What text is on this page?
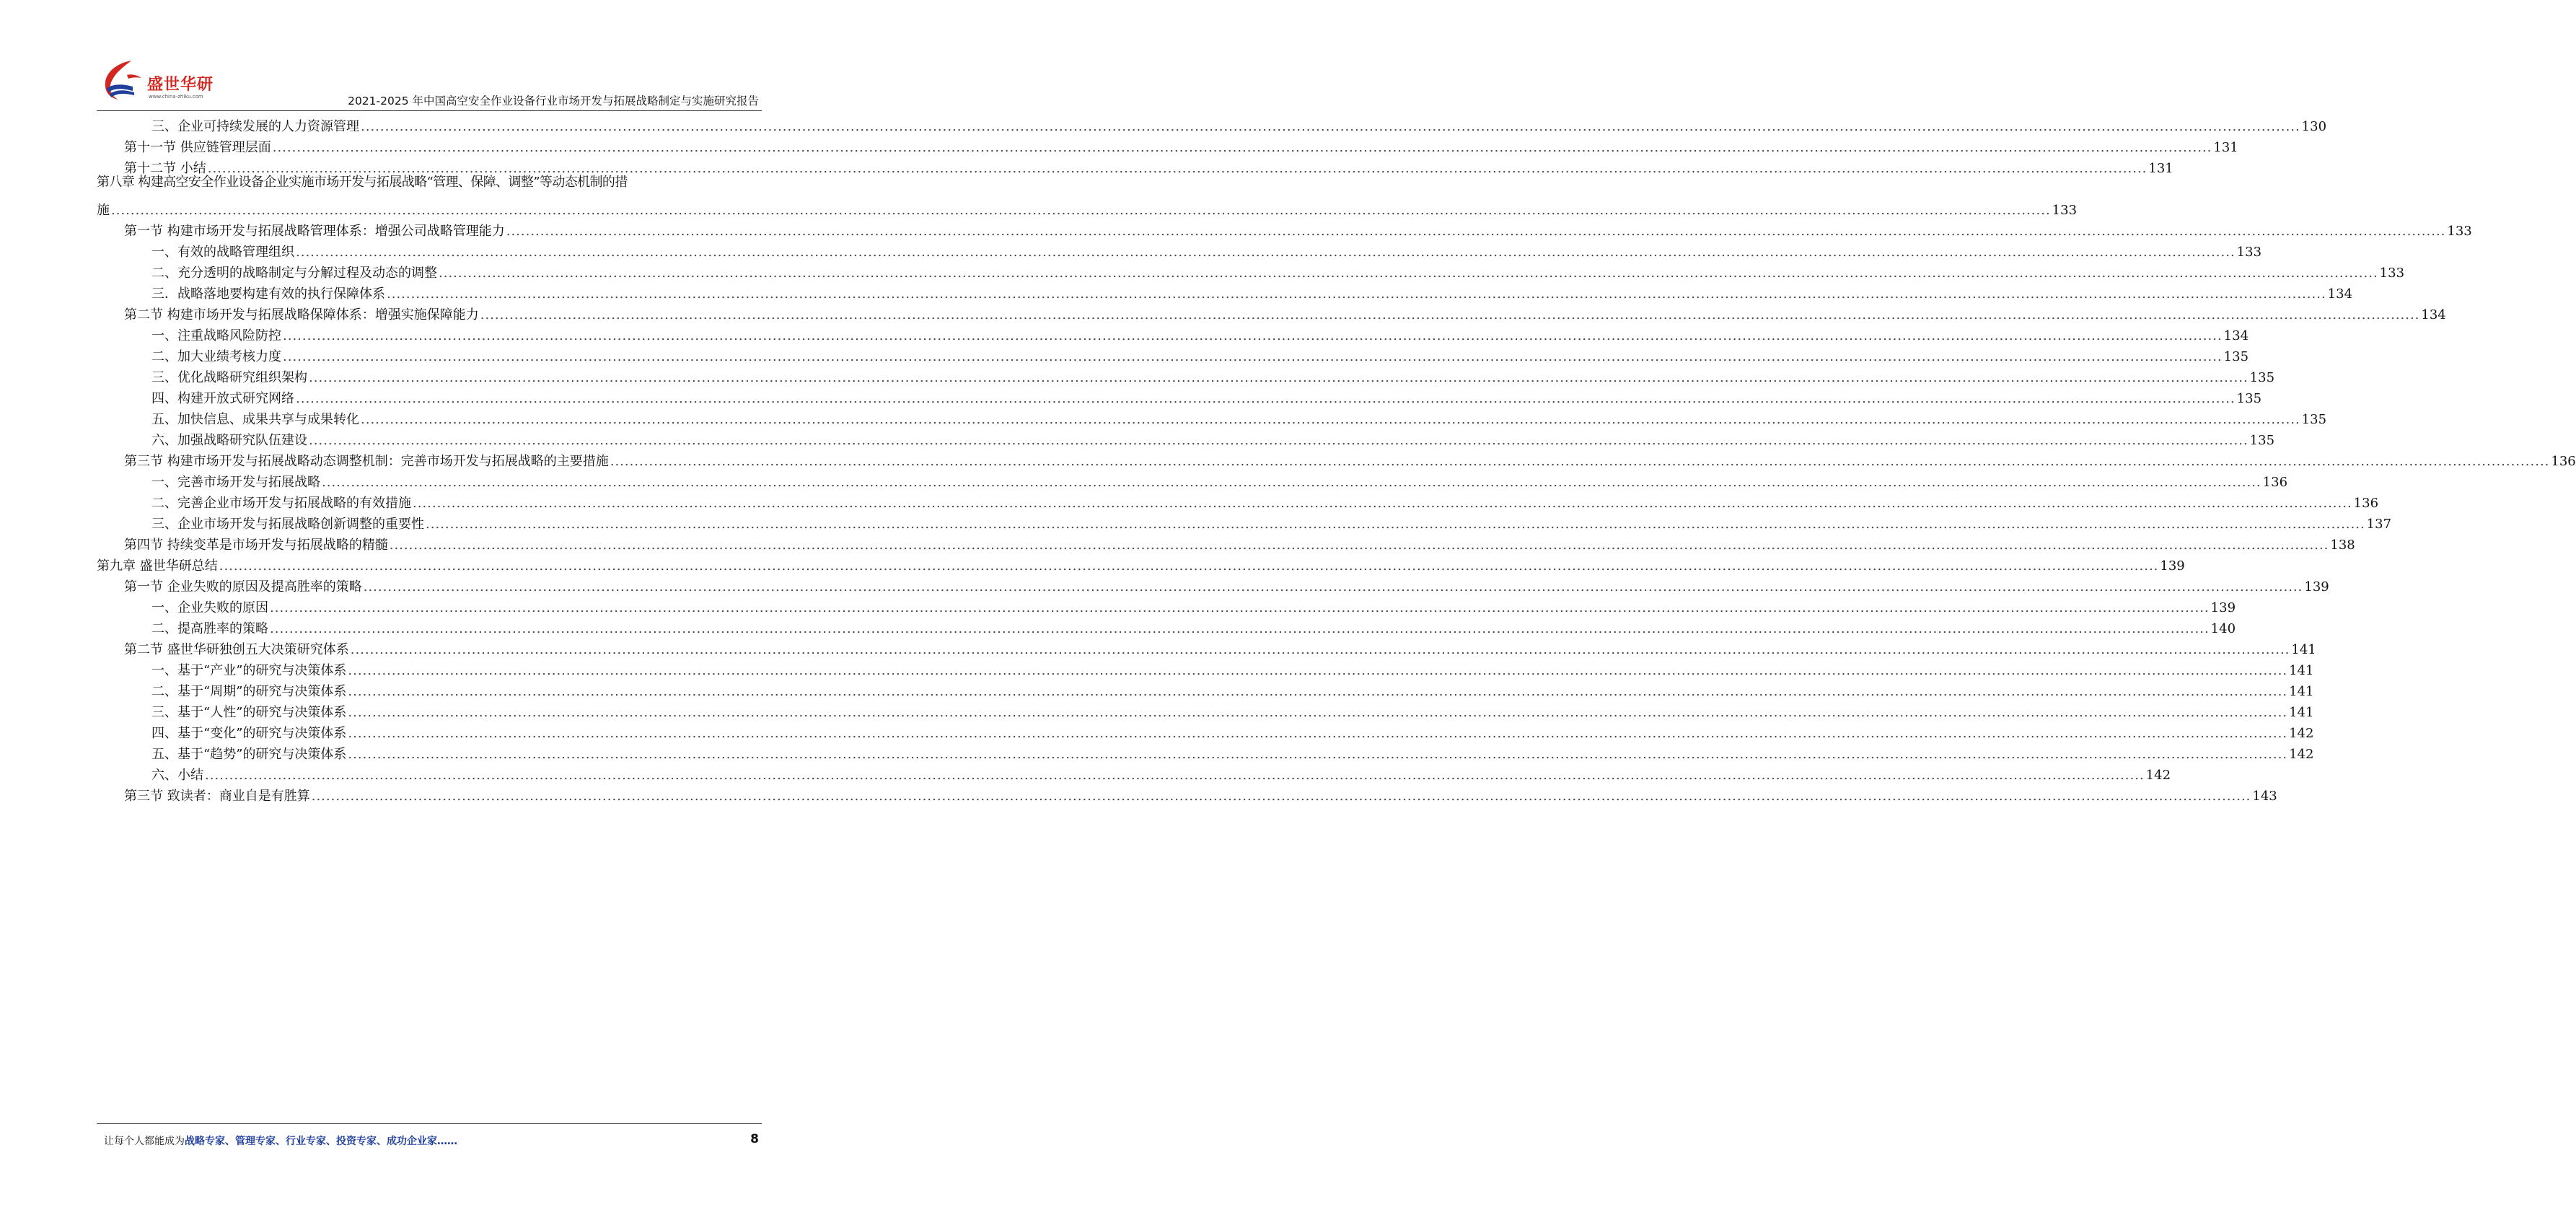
盛世华研
www.china-zhiku.com	2021-2025 年中国高空安全作业设备行业市场开发与拓展战略制定与实施研究报告
三、企业可持续发展的人力资源管理 ................................................................................................................................................................................................................................................................................................................................................................................................................ 130
第十一节 供应链管理层面 ................................................................................................................................................................................................................................................................................................................................................................................................................ 131
第十二节 小结 ................................................................................................................................................................................................................................................................................................................................................................................................................ 131
第八章 构建高空安全作业设备企业实施市场开发与拓展战略“管理、保障、调整”等动态机制的措
施 ................................................................................................................................................................................................................................................................................................................................................................................................................ 133
第一节 构建市场开发与拓展战略管理体系：增强公司战略管理能力 ................................................................................................................................................................................................................................................................................................................................................................................................................ 133
一、有效的战略管理组织 ................................................................................................................................................................................................................................................................................................................................................................................................................ 133
二、充分透明的战略制定与分解过程及动态的调整 ................................................................................................................................................................................................................................................................................................................................................................................................................ 133
三．战略落地要构建有效的执行保障体系 ................................................................................................................................................................................................................................................................................................................................................................................................................ 134
第二节 构建市场开发与拓展战略保障体系：增强实施保障能力 ................................................................................................................................................................................................................................................................................................................................................................................................................ 134
一、注重战略风险防控 ................................................................................................................................................................................................................................................................................................................................................................................................................ 134
二、加大业绩考核力度 ................................................................................................................................................................................................................................................................................................................................................................................................................ 135
三、优化战略研究组织架构 ................................................................................................................................................................................................................................................................................................................................................................................................................ 135
四、构建开放式研究网络 ................................................................................................................................................................................................................................................................................................................................................................................................................ 135
五、加快信息、成果共享与成果转化 ................................................................................................................................................................................................................................................................................................................................................................................................................ 135
六、加强战略研究队伍建设 ................................................................................................................................................................................................................................................................................................................................................................................................................ 135
第三节 构建市场开发与拓展战略动态调整机制：完善市场开发与拓展战略的主要措施 ................................................................................................................................................................................................................................................................................................................................................................................................................ 136
一、完善市场开发与拓展战略 ................................................................................................................................................................................................................................................................................................................................................................................................................ 136
二、完善企业市场开发与拓展战略的有效措施 ................................................................................................................................................................................................................................................................................................................................................................................................................ 136
三、企业市场开发与拓展战略创新调整的重要性 ................................................................................................................................................................................................................................................................................................................................................................................................................ 137
第四节 持续变革是市场开发与拓展战略的精髓 ................................................................................................................................................................................................................................................................................................................................................................................................................ 138
第九章 盛世华研总结 ................................................................................................................................................................................................................................................................................................................................................................................................................ 139
第一节 企业失败的原因及提高胜率的策略 ................................................................................................................................................................................................................................................................................................................................................................................................................ 139
一、企业失败的原因 ................................................................................................................................................................................................................................................................................................................................................................................................................ 139
二、提高胜率的策略 ................................................................................................................................................................................................................................................................................................................................................................................................................ 140
第二节 盛世华研独创五大决策研究体系 ................................................................................................................................................................................................................................................................................................................................................................................................................ 141
一、基于“产业”的研究与决策体系 ................................................................................................................................................................................................................................................................................................................................................................................................................ 141
二、基于“周期”的研究与决策体系 ................................................................................................................................................................................................................................................................................................................................................................................................................ 141
三、基于“人性”的研究与决策体系 ................................................................................................................................................................................................................................................................................................................................................................................................................ 141
四、基于“变化”的研究与决策体系 ................................................................................................................................................................................................................................................................................................................................................................................................................ 142
五、基于“趋势”的研究与决策体系 ................................................................................................................................................................................................................................................................................................................................................................................................................ 142
六、小结 ................................................................................................................................................................................................................................................................................................................................................................................................................ 142
第三节 致读者：商业自是有胜算 ................................................................................................................................................................................................................................................................................................................................................................................................................ 143
让每个人都能成为战略专家、管理专家、行业专家、投资专家、成功企业家……	8
